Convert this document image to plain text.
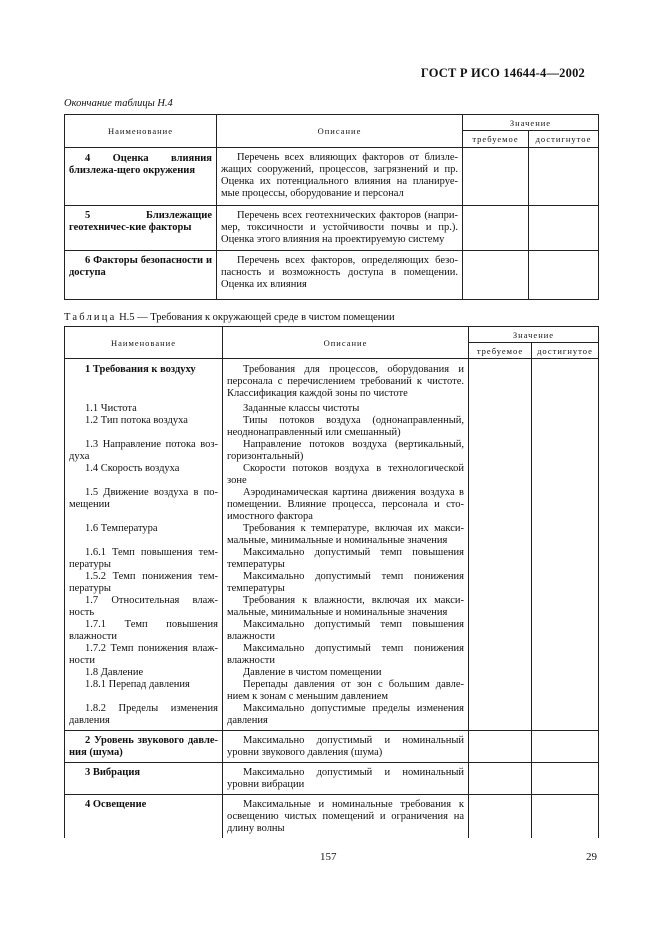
ГОСТ Р ИСО 14644-4—2002
Окончание таблицы Н.4
Наименование	Описание	Значение	
		требуемое	достигнутое

4 Оценка влияния близлежа-щего окружения	Перечень всех влияющих факторов от близле-жащих сооружений, процессов, загрязнений и пр. Оценка их потенциального влияния на планируе-мые процессы, оборудование и персонал		
5 Близлежащие геотехничес-кие факторы	Перечень всех геотехнических факторов (напри-мер, токсичности и устойчивости почвы и пр.). Оценка этого влияния на проектируемую систему		
6 Факторы безопасности и доступа	Перечень всех факторов, определяющих безо-пасность и возможность доступа в помещении. Оценка их влияния		
Таблица Н.5 — Требования к окружающей среде в чистом помещении
Наименование	Описание	Значение	
		требуемое	достигнутое

1 Требования к воздуху	Требования для процессов, оборудования и персонала с перечислением требований к чистоте. Классификация каждой зоны по чистоте		
1.1 Чистота	Заданные классы чистоты		
1.2 Тип потока воздуха	Типы потоков воздуха (однонаправленный, неоднонаправленный или смешанный)		
1.3 Направление потока воз-духа	Направление потоков воздуха (вертикальный, горизонтальный)		
1.4 Скорость воздуха	Скорости потоков воздуха в технологической зоне		
1.5 Движение воздуха в по-мещении	Аэродинамическая картина движения воздуха в помещении. Влияние процесса, персонала и сто-имостного фактора		
1.6 Температура	Требования к температуре, включая их макси-мальные, минимальные и номинальные значения		
1.6.1 Темп повышения тем-пературы	Максимально допустимый темп повышения температуры		
1.5.2 Темп понижения тем-пературы	Максимально допустимый темп понижения температуры		
1.7 Относительная влаж-ность	Требования к влажности, включая их макси-мальные, минимальные и номинальные значения		
1.7.1 Темп повышения влажности	Максимально допустимый темп повышения влажности		
1.7.2 Темп понижения влаж-ности	Максимально допустимый темп понижения влажности		
1.8 Давление	Давление в чистом помещении		
1.8.1 Перепад давления	Перепады давления от зон с большим давле-нием к зонам с меньшим давлением		
1.8.2 Пределы изменения давления	Максимально допустимые пределы изменения давления		

2 Уровень звукового давле-ния (шума)	Максимально допустимый и номинальный уровни звукового давления (шума)		

3 Вибрация	Максимально допустимый и номинальный уровни вибрации		

4 Освещение	Максимальные и номинальные требования к освещению чистых помещений и ограничения на длину волны		
157	29
